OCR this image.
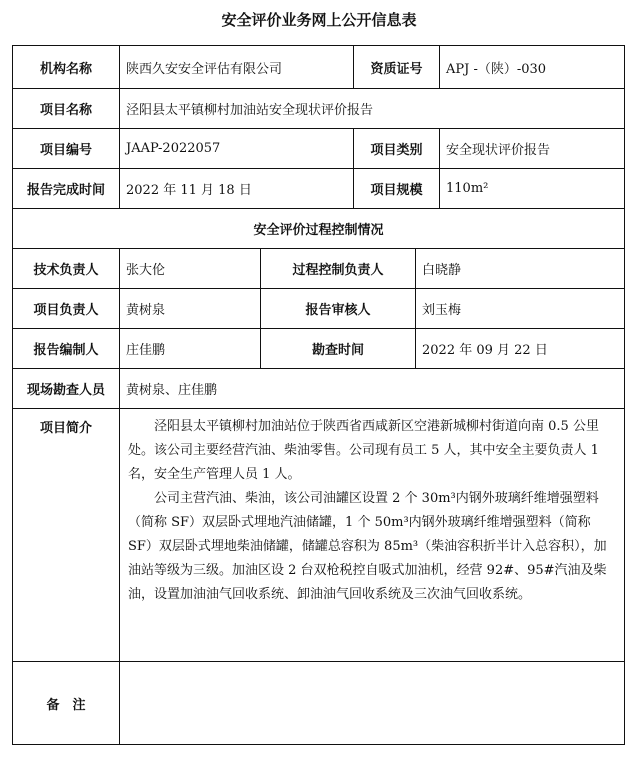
安全评价业务网上公开信息表
机构名称	陕西久安安全评估有限公司	资质证号	APJ -（陕）-030
项目名称	泾阳县太平镇柳村加油站安全现状评价报告
项目编号	JAAP-2022057	项目类别	安全现状评价报告
报告完成时间	2022 年 11 月 18 日	项目规模	110m²
安全评价过程控制情况
技术负责人	张大伦	过程控制负责人	白晓静
项目负责人	黄树泉	报告审核人	刘玉梅
报告编制人	庄佳鹏	勘查时间	2022 年 09 月 22 日
现场勘查人员	黄树泉、庄佳鹏
项目简介	泾阳县太平镇柳村加油站位于陕西省西咸新区空港新城柳村街道向南 0.5 公里处。该公司主要经营汽油、柴油零售。公司现有员工 5 人，其中安全主要负责人 1 名，安全生产管理人员 1 人。

公司主营汽油、柴油，该公司油罐区设置 2 个 30m³内钢外玻璃纤维增强塑料（简称 SF）双层卧式埋地汽油储罐，1 个 50m³内钢外玻璃纤维增强塑料（简称 SF）双层卧式埋地柴油储罐，储罐总容积为 85m³（柴油容积折半计入总容积），加油站等级为三级。加油区设 2 台双枪税控自吸式加油机，经营 92#、95#汽油及柴油，设置加油油气回收系统、卸油油气回收系统及三次油气回收系统。

备　注
